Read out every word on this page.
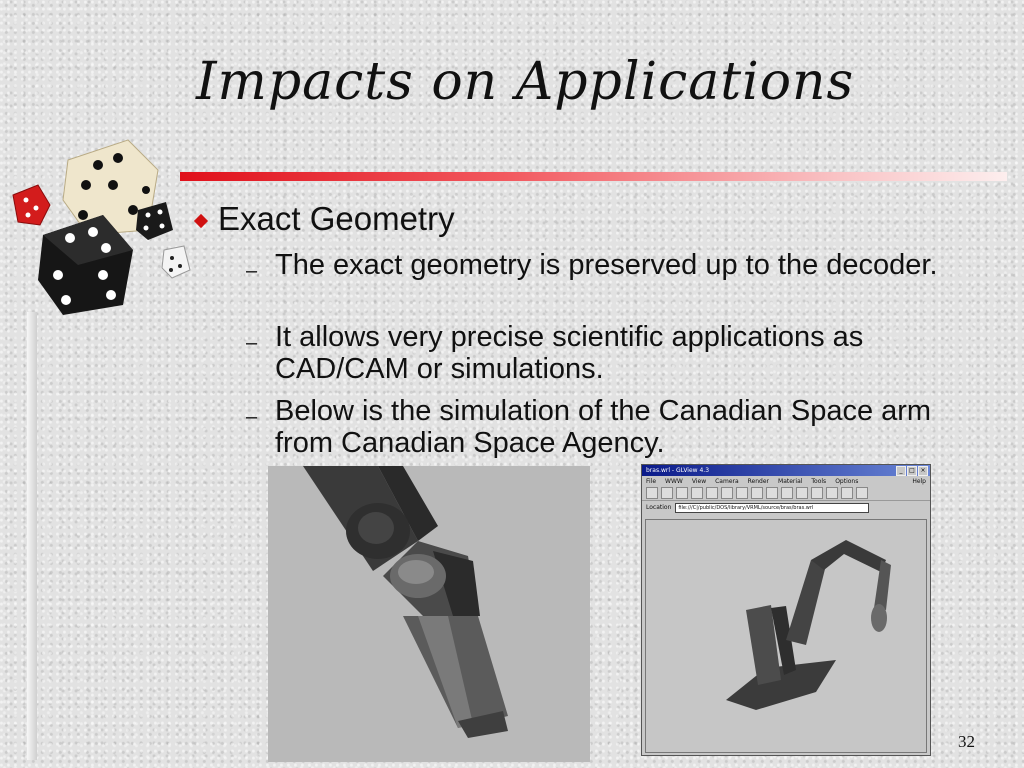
Impacts on Applications
Exact Geometry
– The exact geometry is preserved up to the decoder.
– It allows very precise scientific applications as CAD/CAM or simulations.
– Below is the simulation of the Canadian Space arm from Canadian Space Agency.
bras.wrl - GLView 4.3	_	□ ×
File WWW View Camera Render Material Tools Options	Help
Location	file:///C|/public/DOS/library/VRML/source/bras/bras.wrl
32
